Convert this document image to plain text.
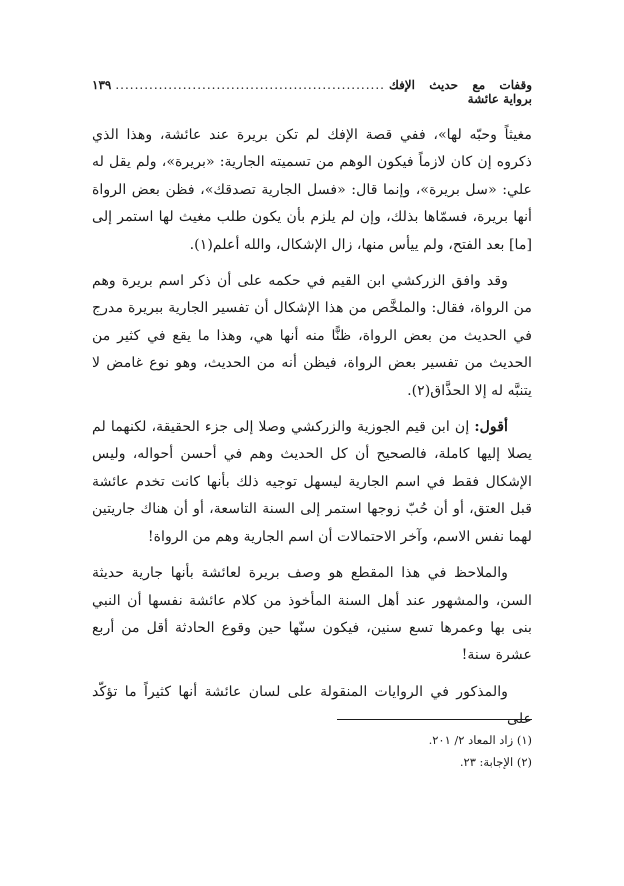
وقفات مع حديث الإفك برواية عائشة
........................................................
١٣٩

مغيثاً وحبّه لها»، ففي قصة الإفك لم تكن بريرة عند عائشة، وهذا الذي ذكروه إن كان لازماً فيكون الوهم من تسميته الجارية: «بريرة»، ولم يقل له علي: «سل بريرة»، وإنما قال: «فسل الجارية تصدقك»، فظن بعض الرواة أنها بريرة، فسمّاها بذلك، وإن لم يلزم بأن يكون طلب مغيث لها استمر إلى [ما] بعد الفتح، ولم ييأس منها، زال الإشكال، والله أعلم(١).

وقد وافق الزركشي ابن القيم في حكمه على أن ذكر اسم بريرة وهم من الرواة، فقال: والملخَّص من هذا الإشكال أن تفسير الجارية ببريرة مدرج في الحديث من بعض الرواة، ظنًّا منه أنها هي، وهذا ما يقع في كثير من الحديث من تفسير بعض الرواة، فيظن أنه من الحديث، وهو نوع غامض لا يتنبَّه له إلا الحذَّاق(٢).

أقول: إن ابن قيم الجوزية والزركشي وصلا إلى جزء الحقيقة، لكنهما لم يصلا إليها كاملة، فالصحيح أن كل الحديث وهم في أحسن أحواله، وليس الإشكال فقط في اسم الجارية ليسهل توجيه ذلك بأنها كانت تخدم عائشة قبل العتق، أو أن حُبّ زوجها استمر إلى السنة التاسعة، أو أن هناك جاريتين لهما نفس الاسم، وآخر الاحتمالات أن اسم الجارية وهم من الرواة!

والملاحظ في هذا المقطع هو وصف بريرة لعائشة بأنها جارية حديثة السن، والمشهور عند أهل السنة المأخوذ من كلام عائشة نفسها أن النبي بنى بها وعمرها تسع سنين، فيكون سنّها حين وقوع الحادثة أقل من أربع عشرة سنة!

والمذكور في الروايات المنقولة على لسان عائشة أنها كثيراً ما تؤكّد على

(١) زاد المعاد ٢/ ٢٠١.
(٢) الإجابة: ٢٣.
